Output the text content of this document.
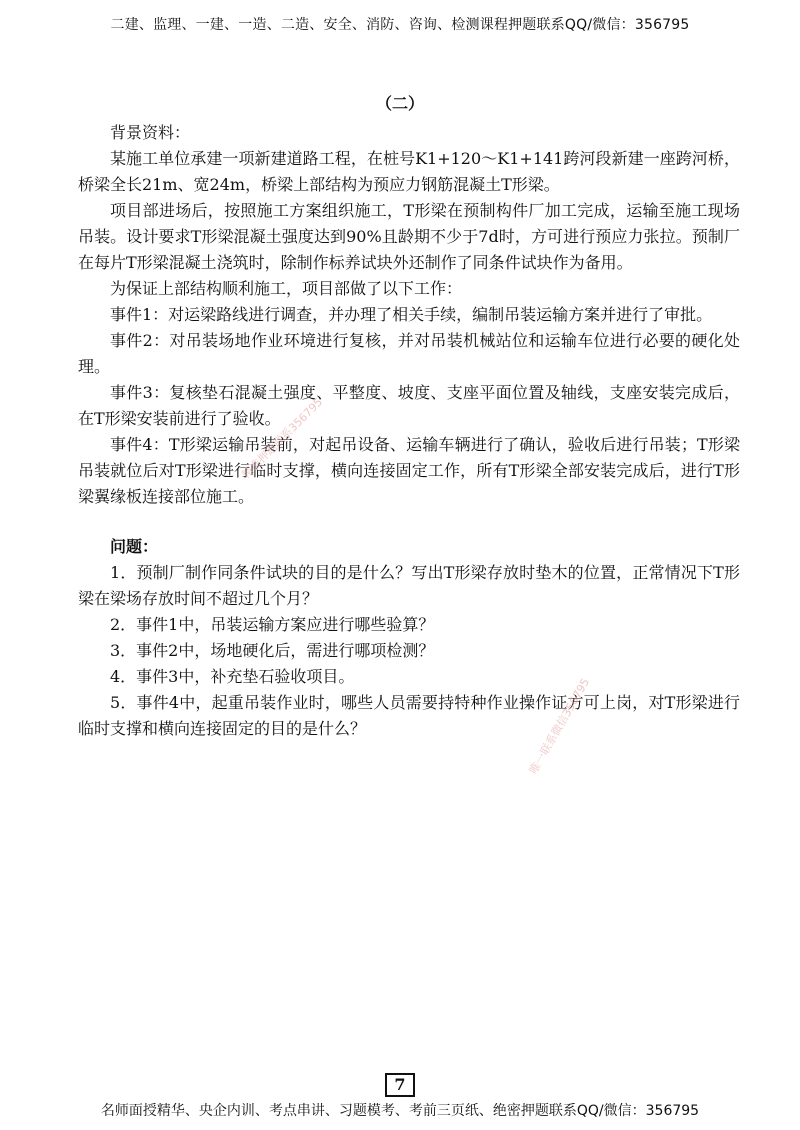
二建、监理、一建、一造、二造、安全、消防、咨询、检测课程押题联系QQ/微信：356795
（二）

背景资料：

某施工单位承建一项新建道路工程，在桩号K1+120～K1+141跨河段新建一座跨河桥，桥梁全长21m、宽24m，桥梁上部结构为预应力钢筋混凝土T形梁。

项目部进场后，按照施工方案组织施工，T形梁在预制构件厂加工完成，运输至施工现场吊装。设计要求T形梁混凝土强度达到90%且龄期不少于7d时，方可进行预应力张拉。预制厂在每片T形梁混凝土浇筑时，除制作标养试块外还制作了同条件试块作为备用。

为保证上部结构顺利施工，项目部做了以下工作：

事件1：对运梁路线进行调查，并办理了相关手续，编制吊装运输方案并进行了审批。

事件2：对吊装场地作业环境进行复核，并对吊装机械站位和运输车位进行必要的硬化处理。

事件3：复核垫石混凝土强度、平整度、坡度、支座平面位置及轴线，支座安装完成后，在T形梁安装前进行了验收。

事件4：T形梁运输吊装前，对起吊设备、运输车辆进行了确认，验收后进行吊装；T形梁吊装就位后对T形梁进行临时支撑，横向连接固定工作，所有T形梁全部安装完成后，进行T形梁翼缘板连接部位施工。

问题：

1．预制厂制作同条件试块的目的是什么？写出T形梁存放时垫木的位置，正常情况下T形梁在梁场存放时间不超过几个月？

2．事件1中，吊装运输方案应进行哪些验算？

3．事件2中，场地硬化后，需进行哪项检测？

4．事件3中，补充垫石验收项目。

5．事件4中，起重吊装作业时，哪些人员需要持特种作业操作证方可上岗，对T形梁进行临时支撑和横向连接固定的目的是什么？

精准押题联系356795
唯一联系微信356795
7
名师面授精华、央企内训、考点串讲、习题模考、考前三页纸、绝密押题联系QQ/微信：356795
